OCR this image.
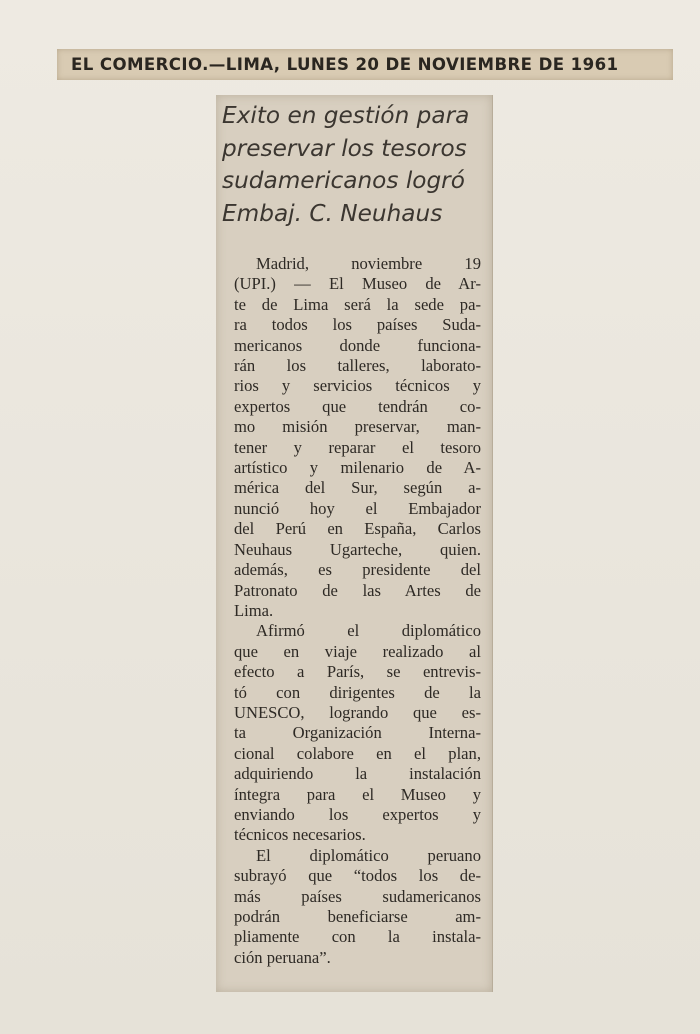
EL COMERCIO.—LIMA, LUNES 20 DE NOVIEMBRE DE 1961
Exito en gestión para
preservar los tesoros
sudamericanos logró
Embaj. C. Neuhaus
Madrid, noviembre 19
(UPI.) — El Museo de Ar-
te de Lima será la sede pa-
ra todos los países Suda-
mericanos donde funciona-
rán los talleres, laborato-
rios y servicios técnicos y
expertos que tendrán co-
mo misión preservar, man-
tener y reparar el tesoro
artístico y milenario de A-
mérica del Sur, según a-
nunció hoy el Embajador
del Perú en España, Carlos
Neuhaus Ugarteche, quien.
además, es presidente del
Patronato de las Artes de
Lima.
Afirmó el diplomático
que en viaje realizado al
efecto a París, se entrevis-
tó con dirigentes de la
UNESCO, logrando que es-
ta Organización Interna-
cional colabore en el plan,
adquiriendo la instalación
íntegra para el Museo y
enviando los expertos y
técnicos necesarios.
El diplomático peruano
subrayó que “todos los de-
más países sudamericanos
podrán beneficiarse am-
pliamente con la instala-
ción peruana”.
